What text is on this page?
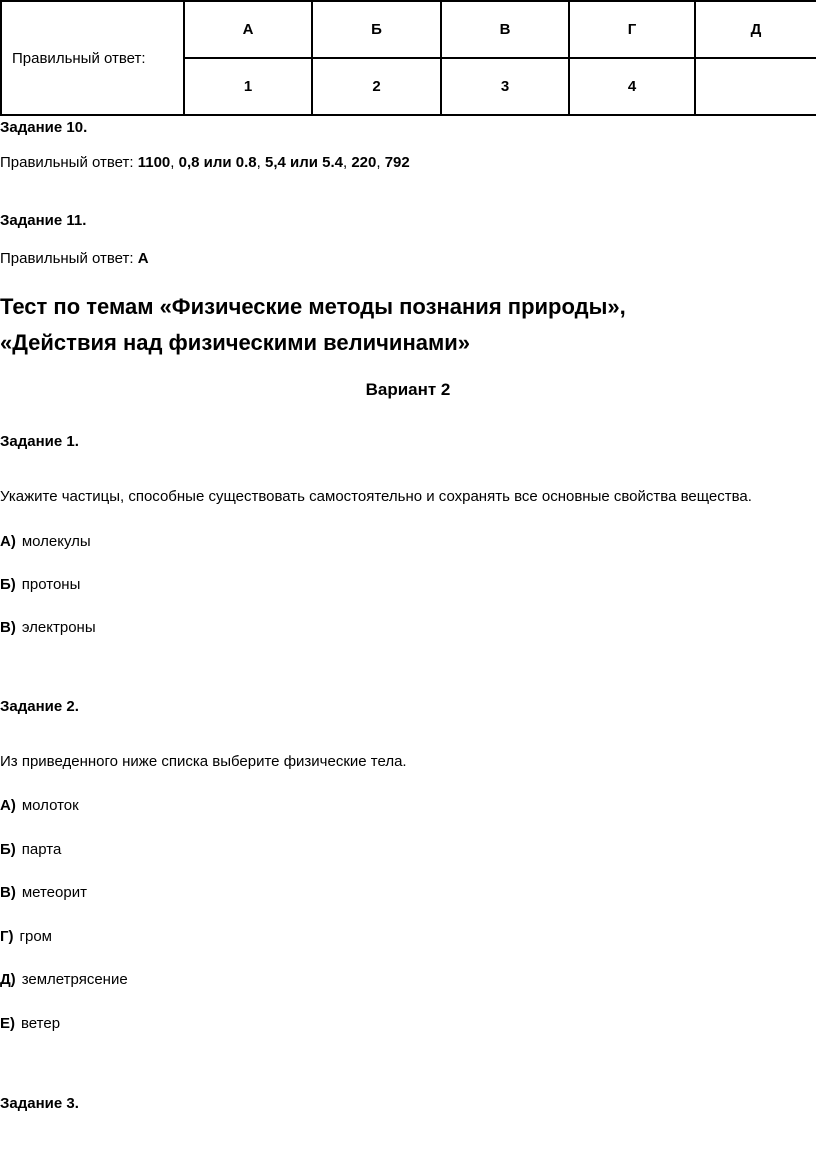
Правильный ответ:	А	Б	В	Г	Д
	1	2	3	4	
Задание 10.
Правильный ответ: 1100, 0,8 или 0.8, 5,4 или 5.4, 220, 792
Задание 11.
Правильный ответ: А
Тест по темам «Физические методы познания природы»,
«Действия над физическими величинами»
Вариант 2
Задание 1.
Укажите частицы, способные существовать самостоятельно и сохранять все основные свойства вещества.
А) молекулы
Б) протоны
В) электроны
Задание 2.
Из приведенного ниже списка выберите физические тела.
А) молоток
Б) парта
В) метеорит
Г) гром
Д) землетрясение
Е) ветер
Задание 3.
